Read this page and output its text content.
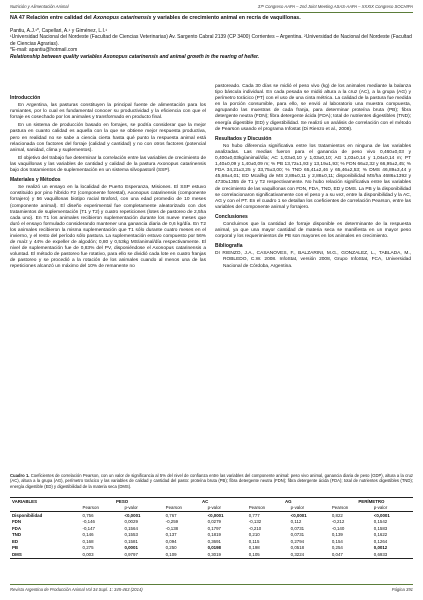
Nutrición y Alimentación Animal	37º Congreso AAPA – 2nd Joint Meeting ASAS-AAPA – XXXIX Congreso SOCHIPA
NA 47 Relación entre calidad del Axonopus catarinensis y variables de crecimiento animal en recría de vaquillonas.
Pantiu, A.J.¹*, Capellari, A.¹ y Giménez, L.I.¹
¹Universidad Nacional del Nordeste (Facultad de Ciencias Veterinarias) Av. Sargento Cabral 2139 (CP 3400) Corrientes – Argentina. ²Universidad de Nacional del Nordeste (Facultad de Ciencias Agrarias).
*E-mail: apantiu@hotmail.com
Relationship between quality variables Axonopus catarinensis and animal growth in the rearing of heifer.
Introducción

En Argentina, las pasturas constituyen la principal fuente de alimentación para los rumiantes, por lo cual es fundamental conocer su productividad y la eficiencia con que el forraje es cosechado por los animales y transformado en producto final.

En un sistema de producción basado en forrajes, se podría considerar que la mejor pastura en cuanto calidad es aquella con la que se obtiene mejor respuesta productiva, pero en realidad no se sabe a ciencia cierta hasta qué punto la respuesta animal está relacionada con factores del forraje (calidad y cantidad) y no con otros factores (potencial animal, sanidad, clima y suplementos).

El objetivo del trabajo fue determinar la correlación entre las variables de crecimiento de las vaquillonas y las variables de cantidad y calidad de la pastura Axonopus catarinensis bajo dos tratamientos de suplementación en un sistema silvopastoril (SSP).

Materiales y Métodos

Se realizó un ensayo en la localidad de Puerto Esperanza, Misiones. El SSP estuvo constituido por pino híbrido F2 (componente forestal), Axonopus catarinensis (componente forrajero) y 56 vaquillonas biotipo racial Braford, con una edad promedio de 10 meses (componente animal). El diseño experimental fue completamente aleatorizado con dos tratamientos de suplementación (T1 y T2) y cuatro repeticiones (lotes de pastoreo de 2,5ha cada uno). En T1 los animales recibieron suplementación durante los nueve meses que duró el ensayo formulado considerando mantener una ganancia diaria de 0,6 kg/día. En T2 los animales recibieron la misma suplementación que T1 sólo durante cuatro meses en el invierno, y el resto del período sólo pastura. La suplementación estuvo compuesto por 56% de maíz y 44% de expeller de algodón; 0,80 y 0,53kg MS/animal/día respectivamente. El nivel de suplementación fue de 0,83% del PV, disponiéndose el Axonopus catarinensis a voluntad. El método de pastoreo fue rotativo, para ello se dividió cada lote en cuatro franjas de pastoreo y se procedió a la rotación de los animales cuando al menos una de las repeticiones alcanzó un máximo del 10% de remanente no

pastoreado. Cada 30 días se midió el peso vivo (kg) de los animales mediante la balanza tipo báscula individual. En cada pesada se midió altura a la cruz (AC), a la grupa (AG) y perímetro torácico (PT) con el uso de una cinta métrica. La calidad de la pastura fue medida en la porción consumible, para ello, se envió al laboratorio una muestra compuesta, agrupando las muestras de cada franja, para determinar proteína bruta (PB); fibra detergente neutra (FDN); fibra detergente ácida (FDA); total de nutrientes digestibles (TND); energía digestible (ED) y digestibilidad. Se realizó un análisis de correlación con el método de Pearson usando el programa Infostat (Di Rienzo et al., 2008).

Resultados y Discusión

No hubo diferencia significativa entre los tratamientos en ninguna de las variables analizadas. Las medias fueron para el ganancia de peso vivo 0,460±0,03 y 0,400±0,03kg/animal/día; AC 1,03±0,10 y 1,03±0,10; AG 1,03±0,14 y 1,04±0,14 m; PT 1,40±0,09 y 1,40±0,09 m; % PB 13,72±1,93 y 13,19±1,93; % FDN 66±2,32 y 66,95±2,45; % FDA 34,21±3,25 y 33,75±3,00; % TND 65,41±2,46 y 65,46±2,53; % DMS 46,89±3,44 y 45,68±4,01; ED Mcal/kg de MS 2,89±0,11 y 2,88±0,11; disponibilidad MS/ha 4686±1392 y 4730±1355 de T1 y T2 respectivamente. No hubo relación significativa entre las variables de crecimiento de las vaquillonas con FDN, FDA, TND, ED y DMS. La PB y la disponibilidad se correlacionaron significativamente con el peso y a su vez, entre la disponibilidad y la AC, AG y con el PT. En el cuadro 1 se detallan los coeficientes de correlación Pearson, entre las variables del componente animal y forrajero.

Conclusiones

Concluimos que la cantidad de forraje disponible es determinante de la respuesta animal, ya que una mayor cantidad de materia seca se manifiesta en un mayor peso corporal y los requerimientos de PB son mayores en los animales en crecimiento.

Bibliografía

DI RIENZO, J.A., CASANOVES, F., BALZARINI, M.G., GONZALEZ, L., TABLADA, M., ROBLEDO, C.W. 2008. InfoStat, versión 2008, Grupo InfoStat, FCA, Universidad Nacional de Córdoba, Argentina.

Cuadro 1. Coeficientes de correlación Pearson, con un valor de significancia al 5% del nivel de confianza entre las variables del componente animal: peso vivo animal, ganancia diaria de peso (GDP), altura a la cruz (AC), altura a la grupa (AG), perímetro torácico y las variables de calidad y cantidad del pasto: proteína bruta (PB); fibra detergente neutra (FDN); fibra detergente ácida (FDA); total de nutrientes digestibles (TND); energía digestible (ED) y digestibilidad de la materia seca (DMS).
VARIABLES	PESO		AC		AG		PERÍMETRO	
	Pearson	p-valor	Pearson	p-valor	Pearson	p-valor	Pearson	p-valor
Disponibilidad	0,756	<0,0001	0,767	<0,0001	0,777	<0,0001	0,822	<0,0001
FDN	-0,146	0,0029	-0,259	0,0279	-0,132	0,112	-0,212	0,1542
FDA	-0,147	0,1564	-0,138	0,1797	-0,210	0,0731	-0,140	0,1583
TND	0,146	0,1553	0,137	0,1819	0,210	0,0731	0,139	0,1622
ED	0,168	0,1581	0,094	0,3691	0,115	0,2794	0,154	0,1264
PB	0,275	0,0001	0,250	0,0198	0,198	0,0518	0,254	0,0012
DMS	0,003	0,9797	0,109	0,3019	0,105	0,3224	0,047	0,6933
Revista Argentina de Producción Animal Vol 34 Supl. 1: 345-463 (2014)	Página 391
